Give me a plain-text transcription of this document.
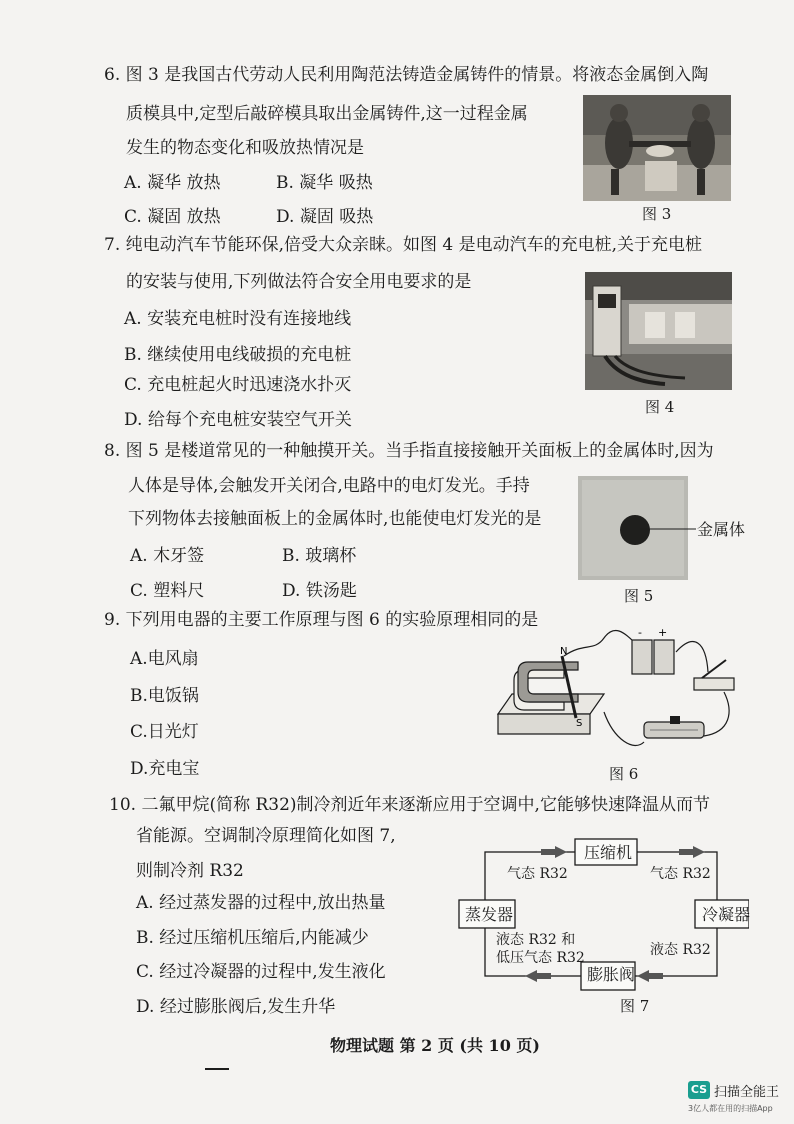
6. 图 3 是我国古代劳动人民利用陶范法铸造金属铸件的情景。将液态金属倒入陶
质模具中,定型后敲碎模具取出金属铸件,这一过程金属
发生的物态变化和吸放热情况是
A. 凝华 放热	B. 凝华 吸热
C. 凝固 放热	D. 凝固 吸热	图 3
7. 纯电动汽车节能环保,倍受大众亲睐。如图 4 是电动汽车的充电桩,关于充电桩
的安装与使用,下列做法符合安全用电要求的是
A. 安装充电桩时没有连接地线
B. 继续使用电线破损的充电桩
C. 充电桩起火时迅速浇水扑灭
D. 给每个充电桩安装空气开关
图 4
8. 图 5 是楼道常见的一种触摸开关。当手指直接接触开关面板上的金属体时,因为
人体是导体,会触发开关闭合,电路中的电灯发光。手持
下列物体去接触面板上的金属体时,也能使电灯发光的是
A. 木牙签	B. 玻璃杯
C. 塑料尺	D. 铁汤匙
金属体
图 5
9. 下列用电器的主要工作原理与图 6 的实验原理相同的是
A.电风扇
B.电饭锅
C.日光灯
D.充电宝
N
S
+
-
图 6
10. 二氟甲烷(简称 R32)制冷剂近年来逐渐应用于空调中,它能够快速降温从而节
省能源。空调制冷原理简化如图 7,
则制冷剂 R32
A. 经过蒸发器的过程中,放出热量
B. 经过压缩机压缩后,内能减少
C. 经过冷凝器的过程中,发生液化
D. 经过膨胀阀后,发生升华
压缩机
蒸发器	冷凝器
膨胀阀
气态 R32	气态 R32
液态 R32
液态 R32 和
低压气态 R32
图 7
物理试题 第 2 页 (共 10 页)
CS 扫描全能王
3亿人都在用的扫描App
